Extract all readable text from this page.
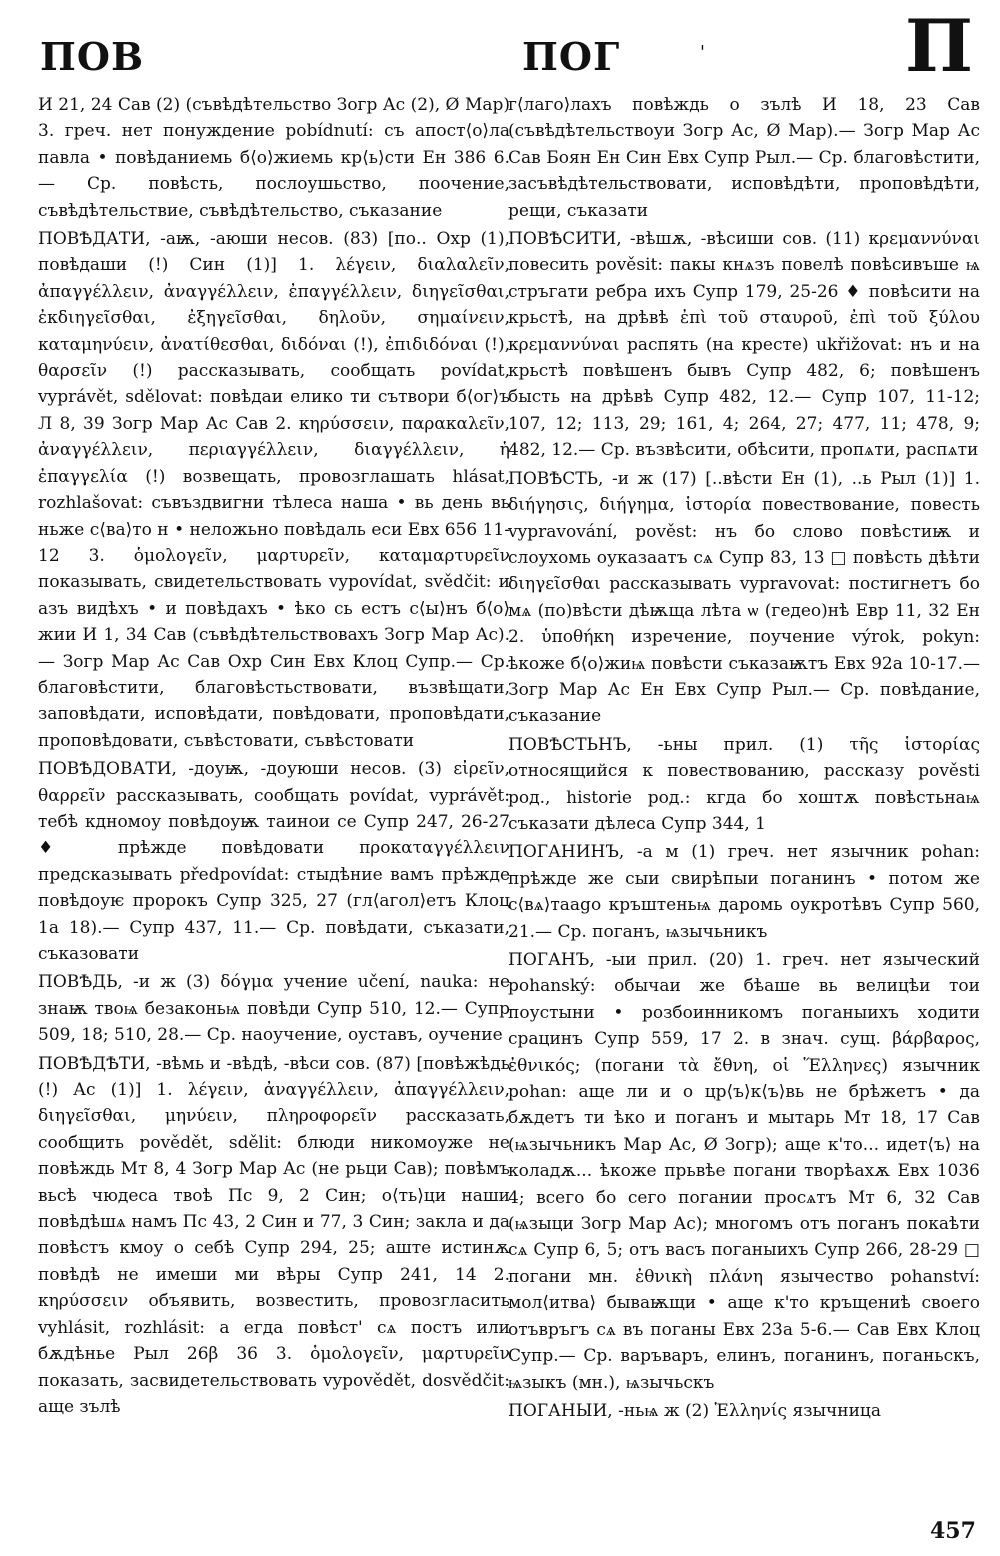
ПОВ	ПОГ	'	П

И 21, 24 Сав (2) (съвѣдѣтельство Зогр Ас (2), Ø Мар) 3. греч. нет понуждение pobídnutí: съ апост⟨о⟩ла павла • повѣданиемь б⟨о⟩жиемь кр⟨ь⟩сти Ен 386 6.— Ср. повѣсть, послоушьство, поочение, съвѣдѣтельствие, съвѣдѣтельство, съказание

ПОВѢДАТИ, -аѭ, -аюши несов. (83) [по.. Охр (1), повѣдаши (!) Син (1)] 1. λέγειν, διαλαλεῖν, ἀπαγγέλλειν, ἀναγγέλλειν, ἐπαγγέλλειν, διηγεῖσθαι, ἐκδιηγεῖσθαι, ἐξηγεῖσθαι, δηλοῦν, σημαίνειν, καταμηνύειν, ἀνατίθεσθαι, διδόναι (!), ἐπιδιδόναι (!), θαρσεῖν (!) рассказывать, сообщать povídat, vyprávět, sdělovat: повѣдаи елико ти сътвори б⟨ог⟩ъ Л 8, 39 Зогр Мар Ас Сав 2. κηρύσσειν, παρακαλεῖν, ἀναγγέλλειν, περιαγγέλλειν, διαγγέλλειν, ἡ ἐπαγγελία (!) возвещать, провозглашать hlásat, rozhlašovat: съвъздвигни тѣлеса наша • вь день вь ньже с⟨ва⟩то н • неложьно повѣдаль еси Евх 656 11-12 3. ὁμολογεῖν, μαρτυρεῖν, καταμαρτυρεῖν показывать, свидетельствовать vypovídat, svědčit: и азъ видѣхъ • и повѣдахъ • ѣко сь естъ с⟨ы⟩нъ б⟨о⟩жии И 1, 34 Сав (съвѣдѣтельствовахъ Зогр Мар Ас).— Зогр Мар Ас Сав Охр Син Евх Клоц Супр.— Ср. благовѣстити, благовѣстьствовати, възвѣщати, заповѣдати, исповѣдати, повѣдовати, проповѣдати, проповѣдовати, съвѣстовати, съвѣстовати

ПОВѢДОВАТИ, -доуѭ, -доуюши несов. (3) εἰρεῖν, θαρρεῖν рассказывать, сообщать povídat, vyprávět: тебѣ кдномоу повѣдоуѭ таинои се Супр 247, 26-27 ♦ прѣжде повѣдовати προκαταγγέλλειν предсказывать předpovídat: стыдѣние вамъ прѣжде повѣдоуѥ пророкъ Супр 325, 27 (гл⟨агол⟩етъ Клоц 1а 18).— Супр 437, 11.— Ср. повѣдати, съказати, съказовати

ПОВѢДЬ, -и ж (3) δόγμα учение učení, nauka: не знаѭ твоѩ безаконьѩ повѣди Супр 510, 12.— Супр 509, 18; 510, 28.— Ср. наоучение, оуставъ, оучение

ПОВѢДѢТИ, -вѣмь и -вѣдѣ, -вѣси сов. (87) [повѣжѣдь (!) Ас (1)] 1. λέγειν, ἀναγγέλλειν, ἀπαγγέλλειν, διηγεῖσθαι, μηνύειν, πληροφορεῖν рассказать, сообщить povědět, sdělit: блюди никомоуже не повѣждь Мт 8, 4 Зогр Мар Ас (не рьци Сав); повѣмъ вьсѣ чюдеса твоѣ Пс 9, 2 Син; о⟨ть⟩ци наши повѣдѣшѧ намъ Пс 43, 2 Син и 77, 3 Син; закла и да повѣстъ кмоу о себѣ Супр 294, 25; аште истинѫ повѣдѣ не имеши ми вѣры Супр 241, 14 2. κηρύσσειν объявить, возвестить, провозгласить vyhlásit, rozhlásit: а егда повѣст' сѧ постъ или бѫдѣнье Рыл 26β 36 3. ὁμολογεῖν, μαρτυρεῖν показать, засвидетельствовать vypovědět, dosvědčit: аще зълѣ

г⟨лаго⟩лахъ повѣждь о зълѣ И 18, 23 Сав (съвѣдѣтельствоуи Зогр Ас, Ø Мар).— Зогр Мар Ас Сав Боян Ен Син Евх Супр Рыл.— Ср. благовѣстити, засъвѣдѣтельствовати, исповѣдѣти, проповѣдѣти, рещи, съказати

ПОВѢСИТИ, -вѣшѫ, -вѣсиши сов. (11) κρεμαννύναι повесить pověsit: пакы кнѧзъ повелѣ повѣсивъше ѩ стръгати ребра ихъ Супр 179, 25-26 ♦ повѣсити на крьстѣ, на дрѣвѣ ἐπὶ τοῦ σταυροῦ, ἐπὶ τοῦ ξύλου κρεμαννύναι распять (на кресте) ukřižovat: нъ и на крьстѣ повѣшенъ бывъ Супр 482, 6; повѣшенъ бысть на дрѣвѣ Супр 482, 12.— Супр 107, 11-12; 107, 12; 113, 29; 161, 4; 264, 27; 477, 11; 478, 9; 482, 12.— Ср. възвѣсити, обѣсити, пропѧти, распѧти

ПОВѢСТЬ, -и ж (17) [..вѣсти Ен (1), ..ь Рыл (1)] 1. διήγησις, διήγημα, ἱστορία повествование, повесть vypravování, pověst: нъ бо слово повѣстиѭ и слоухомь оуказаатъ сѧ Супр 83, 13 □ повѣсть дѣѣти διηγεῖσθαι рассказывать vypravovat: постигнетъ бо мѧ (по)вѣсти дѣѭща лѣта ѡ (гедео)нѣ Евр 11, 32 Ен 2. ὑποθήκη изречение, поучение výrok, pokyn: ѣкоже б⟨о⟩жиѩ повѣсти съказаѭтъ Евх 92а 10-17.— Зогр Мар Ас Ен Евх Супр Рыл.— Ср. повѣдание, съказание

ПОВѢСТЬНЪ, -ьны прил. (1) τῆς ἱστορίας относящийся к повествованию, рассказу pověsti род., historie род.: кгда бо хоштѫ повѣстьнаѩ съказати дѣлеса Супр 344, 1

ПОГАНИНЪ, -а м (1) греч. нет язычник pohan: прѣжде же сыи свирѣпыи поганинъ • потом же с⟨вѧ⟩таago кръштеньѩ даромь оукротѣвъ Супр 560, 21.— Ср. поганъ, ѩзычьникъ

ПОГАНЪ, -ыи прил. (20) 1. греч. нет языческий pohanský: обычаи же бѣаше вь велицѣи тои поустыни • розбоинникомъ поганыихъ ходити срацинъ Супр 559, 17 2. в знач. сущ. βάρβαρος, ἐθνικός; (погани τὰ ἔθνη, οἱ Ἕλληνες) язычник pohan: аще ли и о цр⟨ъ⟩к⟨ъ⟩вь не брѣжетъ • да бѫдетъ ти ѣко и поганъ и мытарь Мт 18, 17 Сав (ѩзычьникъ Мар Ас, Ø Зогр); аще к'то... идет⟨ъ⟩ на коладѫ... ѣкоже прьвѣе погани творѣахѫ Евх 1036 4; всего бо сего погании просѧтъ Мт 6, 32 Сав (ѩзыци Зогр Мар Ас); многомъ отъ поганъ покаѣти сѧ Супр 6, 5; отъ васъ поганыихъ Супр 266, 28-29 □ погани мн. ἐθνικὴ πλάνη язычество pohanství: мол⟨итва⟩ бываѭщи • аще к'то кръщениѣ своего отъвръгъ сѧ въ поганы Евх 23а 5-6.— Сав Евх Клоц Супр.— Ср. варъваръ, елинъ, поганинъ, поганьскъ, ѩзыкъ (мн.), ѩзычьскъ

ПОГАНЫИ, -ньѩ ж (2) Ἑλληνίς язычница

457
